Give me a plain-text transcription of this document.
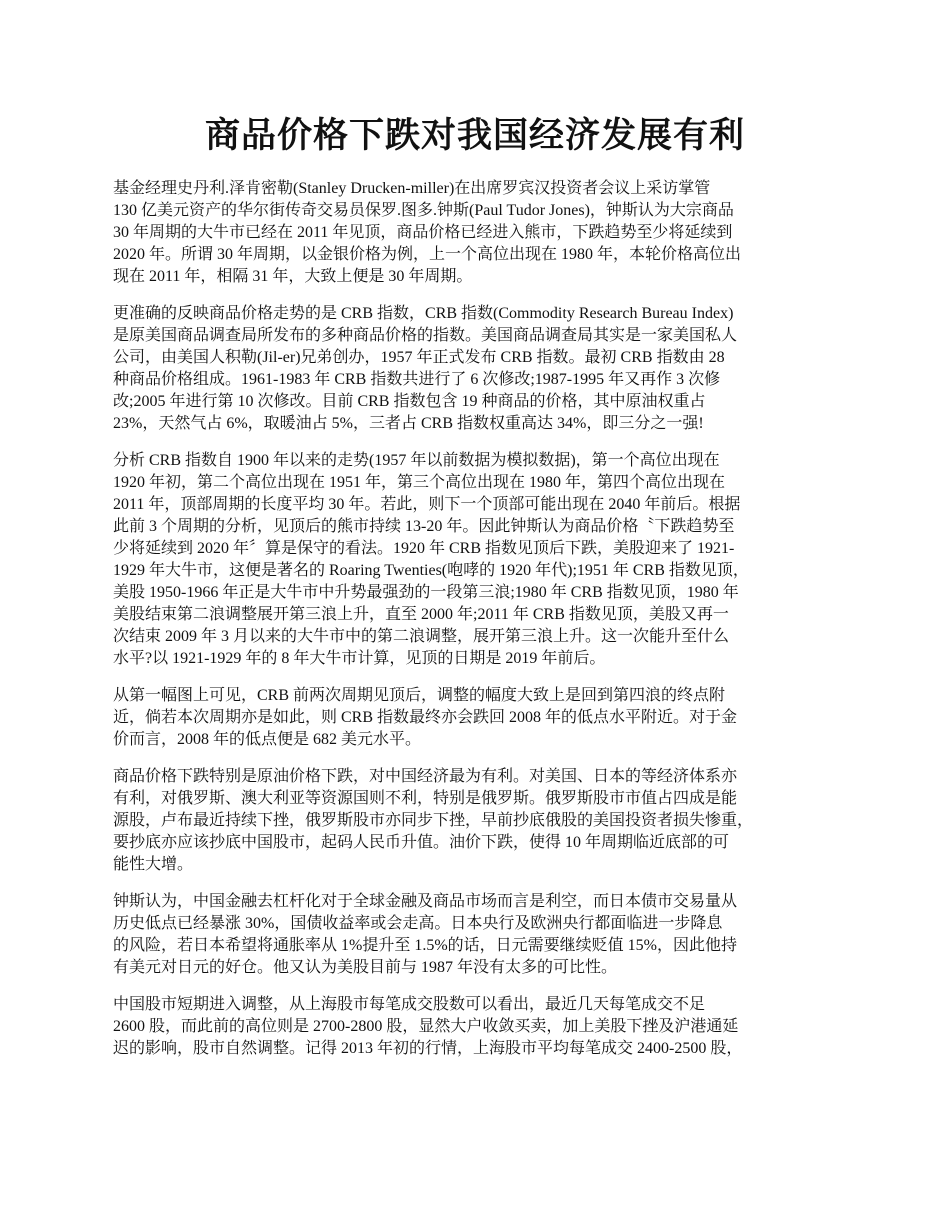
商品价格下跌对我国经济发展有利

基金经理史丹利.泽肯密勒(Stanley Drucken-miller)在出席罗宾汉投资者会议上采访掌管
130 亿美元资产的华尔街传奇交易员保罗.图多.钟斯(Paul Tudor Jones)，钟斯认为大宗商品
30 年周期的大牛市已经在 2011 年见顶，商品价格已经进入熊市，下跌趋势至少将延续到
2020 年。所谓 30 年周期，以金银价格为例，上一个高位出现在 1980 年，本轮价格高位出
现在 2011 年，相隔 31 年，大致上便是 30 年周期。

更准确的反映商品价格走势的是 CRB 指数，CRB 指数(Commodity Research Bureau Index)
是原美国商品调查局所发布的多种商品价格的指数。美国商品调查局其实是一家美国私人
公司，由美国人积勒(Jil-er)兄弟创办，1957 年正式发布 CRB 指数。最初 CRB 指数由 28
种商品价格组成。1961-1983 年 CRB 指数共进行了 6 次修改;1987-1995 年又再作 3 次修
改;2005 年进行第 10 次修改。目前 CRB 指数包含 19 种商品的价格，其中原油权重占
23%，天然气占 6%，取暖油占 5%，三者占 CRB 指数权重高达 34%，即三分之一强!

分析 CRB 指数自 1900 年以来的走势(1957 年以前数据为模拟数据)，第一个高位出现在
1920 年初，第二个高位出现在 1951 年，第三个高位出现在 1980 年，第四个高位出现在
2011 年，顶部周期的长度平均 30 年。若此，则下一个顶部可能出现在 2040 年前后。根据
此前 3 个周期的分析，见顶后的熊市持续 13-20 年。因此钟斯认为商品价格〝下跌趋势至
少将延续到 2020 年〞算是保守的看法。1920 年 CRB 指数见顶后下跌，美股迎来了 1921-
1929 年大牛市，这便是著名的 Roaring Twenties(咆哮的 1920 年代);1951 年 CRB 指数见顶，
美股 1950-1966 年正是大牛市中升势最强劲的一段第三浪;1980 年 CRB 指数见顶，1980 年
美股结束第二浪调整展开第三浪上升，直至 2000 年;2011 年 CRB 指数见顶，美股又再一
次结束 2009 年 3 月以来的大牛市中的第二浪调整，展开第三浪上升。这一次能升至什么
水平?以 1921-1929 年的 8 年大牛市计算，见顶的日期是 2019 年前后。

从第一幅图上可见，CRB 前两次周期见顶后，调整的幅度大致上是回到第四浪的终点附
近，倘若本次周期亦是如此，则 CRB 指数最终亦会跌回 2008 年的低点水平附近。对于金
价而言，2008 年的低点便是 682 美元水平。

商品价格下跌特别是原油价格下跌，对中国经济最为有利。对美国、日本的等经济体系亦
有利，对俄罗斯、澳大利亚等资源国则不利，特别是俄罗斯。俄罗斯股市市值占四成是能
源股，卢布最近持续下挫，俄罗斯股市亦同步下挫，早前抄底俄股的美国投资者损失惨重，
要抄底亦应该抄底中国股市，起码人民币升值。油价下跌，使得 10 年周期临近底部的可
能性大增。

钟斯认为，中国金融去杠杆化对于全球金融及商品市场而言是利空，而日本债市交易量从
历史低点已经暴涨 30%，国债收益率或会走高。日本央行及欧洲央行都面临进一步降息
的风险，若日本希望将通胀率从 1%提升至 1.5%的话，日元需要继续贬值 15%，因此他持
有美元对日元的好仓。他又认为美股目前与 1987 年没有太多的可比性。

中国股市短期进入调整，从上海股市每笔成交股数可以看出，最近几天每笔成交不足
2600 股，而此前的高位则是 2700-2800 股，显然大户收敛买卖，加上美股下挫及沪港通延
迟的影响，股市自然调整。记得 2013 年初的行情，上海股市平均每笔成交 2400-2500 股，
